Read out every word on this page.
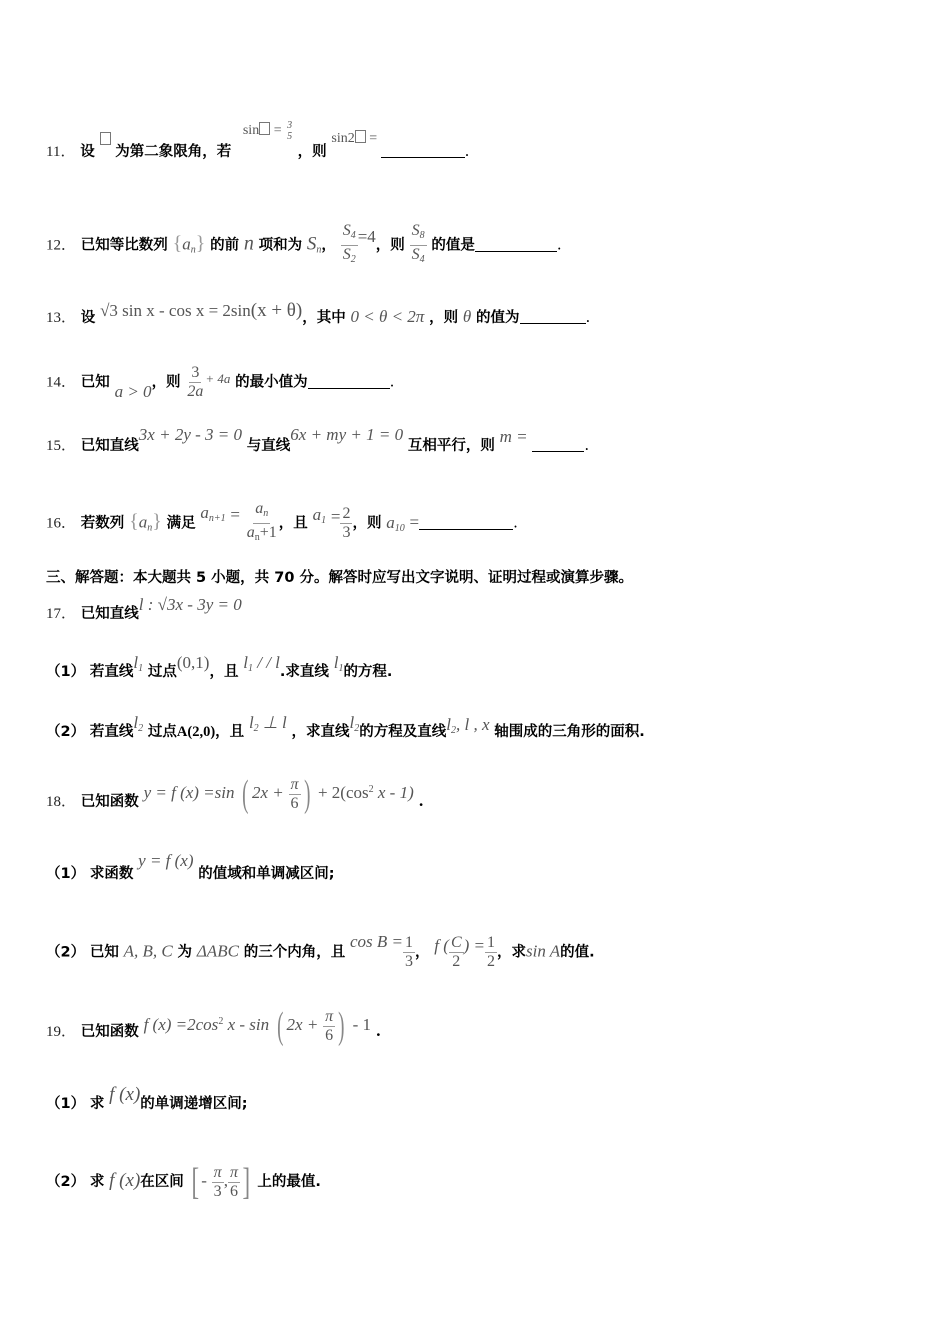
11． 设 为第二象限角，若  sin = 3
5
，则 sin2 = .
12． 已知等比数列 $\{a_n\}$ 的前 n 项和为 $S_n$， $\frac{S_4}{S_2} =4$，则 $\frac{S_8}{S_4}$ 的值是	.
13． 设 √3 sin x - cos x = 2sin(x + θ)，其中 0 < θ < 2π ，则 θ 的值为	.
14． 已知 a > 0，则 $\frac{3}{2a} + 4a$ 的最小值为	.
15． 已知直线3x + 2y - 3 = 0 与直线6x + my + 1 = 0 互相平行，则 m =	.
16． 若数列 $\{a_n\}$ 满足 $a_{n+1} = \frac{a_n}{a_n+1}$ ，且 $a_1 = \frac{2}{3}$ ，则 $a_{10}$ =	.
三、解答题：本大题共 5 小题，共 70 分。解答时应写出文字说明、证明过程或演算步骤。
17． 已知直线l : √3x - 3y = 0
（1） 若直线$l_1$ 过点(0,1)，且 $l_1$ / / l.求直线 $l_1$的方程.
（2） 若直线$l_2$ 过点A(2,0)，且 $l_2$ ⊥ l ，求直线$l_2$的方程及直线$l_2$, l , x 轴围成的三角形的面积.
18． 已知函数 y = f (x) =sin ( $2x + \frac{\pi}{6}$ ) + $2(\cos^2$ x - 1) .
（1） 求函数 y = f (x) 的值域和单调减区间;
（2） 已知 A, B, C 为 ΔABC 的三个内角，且 $\cos B = \frac{1}{3}$ ， f ( $\frac{C}{2}$ ) = $\frac{1}{2}$ ，求sin A的值.
19． 已知函数 f $(x) =2\cos^2$ x - sin ( $2x + \frac{\pi}{6}$ ) - 1 .
（1） 求 f (x)的单调递增区间;
（2） 求 f (x)在区间 [ - $\frac{\pi}{3}$ , $\frac{\pi}{6}$ ] 上的最值.
